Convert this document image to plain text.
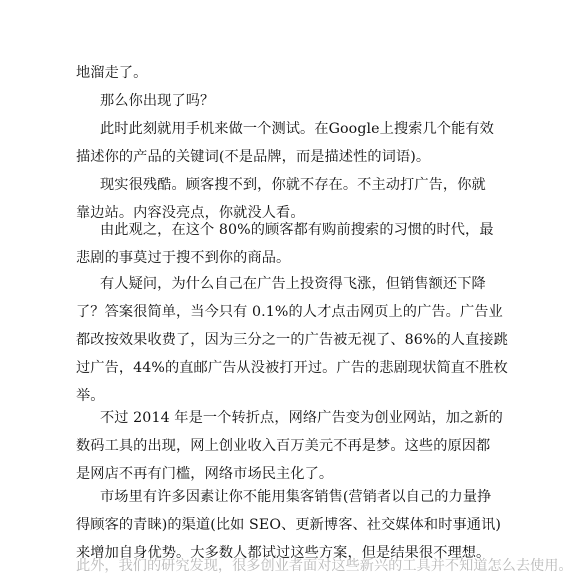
地溜走了。

那么你出现了吗？

此时此刻就用手机来做一个测试。在Google上搜索几个能有效
描述你的产品的关键词(不是品牌，而是描述性的词语)。

现实很残酷。顾客搜不到，你就不存在。不主动打广告，你就
靠边站。内容没亮点，你就没人看。

由此观之，在这个 80%的顾客都有购前搜索的习惯的时代，最
悲剧的事莫过于搜不到你的商品。

有人疑问，为什么自己在广告上投资得飞涨，但销售额还下降
了？答案很简单，当今只有 0.1%的人才点击网页上的广告。广告业
都改按效果收费了，因为三分之一的广告被无视了、86%的人直接跳
过广告，44%的直邮广告从没被打开过。广告的悲剧现状简直不胜枚
举。

不过 2014 年是一个转折点，网络广告变为创业网站，加之新的
数码工具的出现，网上创业收入百万美元不再是梦。这些的原因都
是网店不再有门槛，网络市场民主化了。

市场里有许多因素让你不能用集客销售(营销者以自己的力量挣
得顾客的青睐)的渠道(比如 SEO、更新博客、社交媒体和时事通讯)
来增加自身优势。大多数人都试过这些方案，但是结果很不理想。

此外，我们的研究发现，很多创业者面对这些新兴的工具并不知道怎么去使用。
